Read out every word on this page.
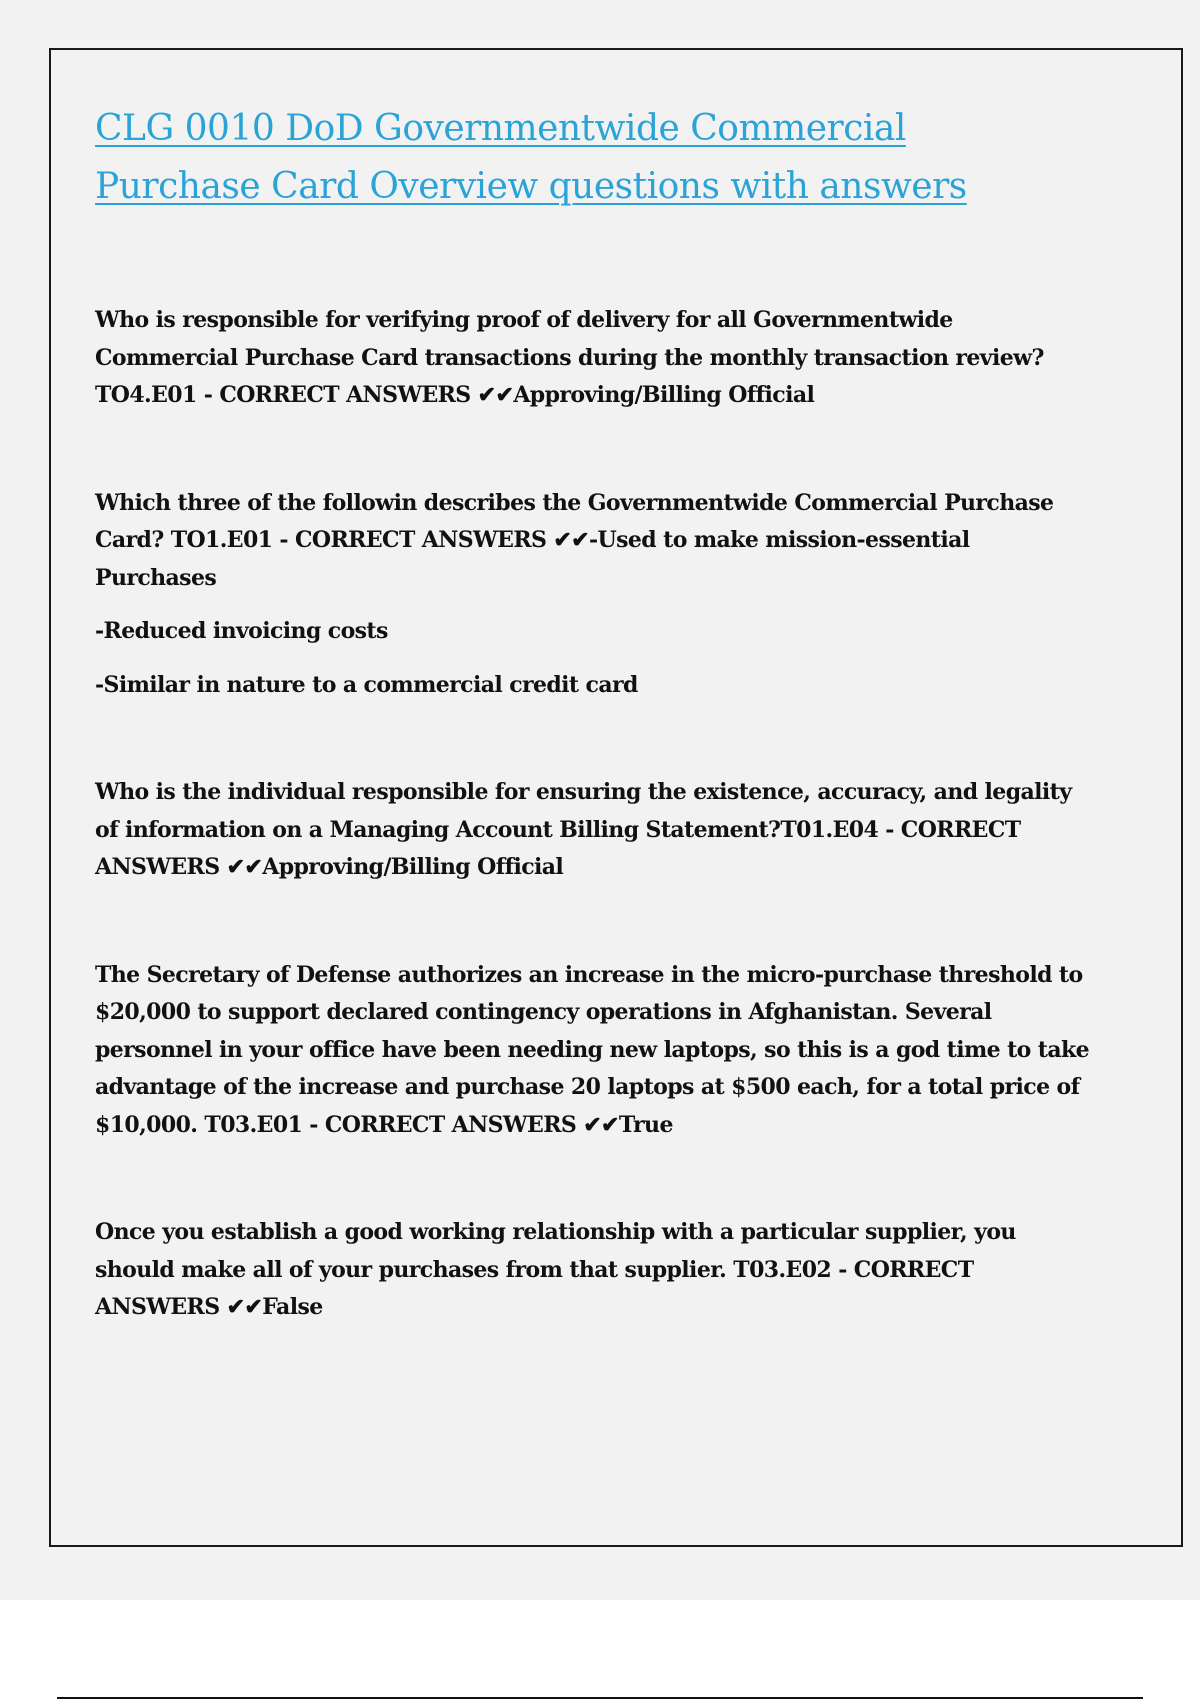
CLG 0010 DoD Governmentwide Commercial Purchase Card Overview questions with answers

Who is responsible for verifying proof of delivery for all Governmentwide Commercial Purchase Card transactions during the monthly transaction review? TO4.E01 - CORRECT ANSWERS ✔✔Approving/Billing Official

Which three of the followin describes the Governmentwide Commercial Purchase Card? TO1.E01 - CORRECT ANSWERS ✔✔-Used to make mission-essential Purchases

-Reduced invoicing costs

-Similar in nature to a commercial credit card

Who is the individual responsible for ensuring the existence, accuracy, and legality of information on a Managing Account Billing Statement?T01.E04 - CORRECT ANSWERS ✔✔Approving/Billing Official

The Secretary of Defense authorizes an increase in the micro-purchase threshold to $20,000 to support declared contingency operations in Afghanistan. Several personnel in your office have been needing new laptops, so this is a god time to take advantage of the increase and purchase 20 laptops at $500 each, for a total price of $10,000. T03.E01 - CORRECT ANSWERS ✔✔True

Once you establish a good working relationship with a particular supplier, you should make all of your purchases from that supplier. T03.E02 - CORRECT ANSWERS ✔✔False
